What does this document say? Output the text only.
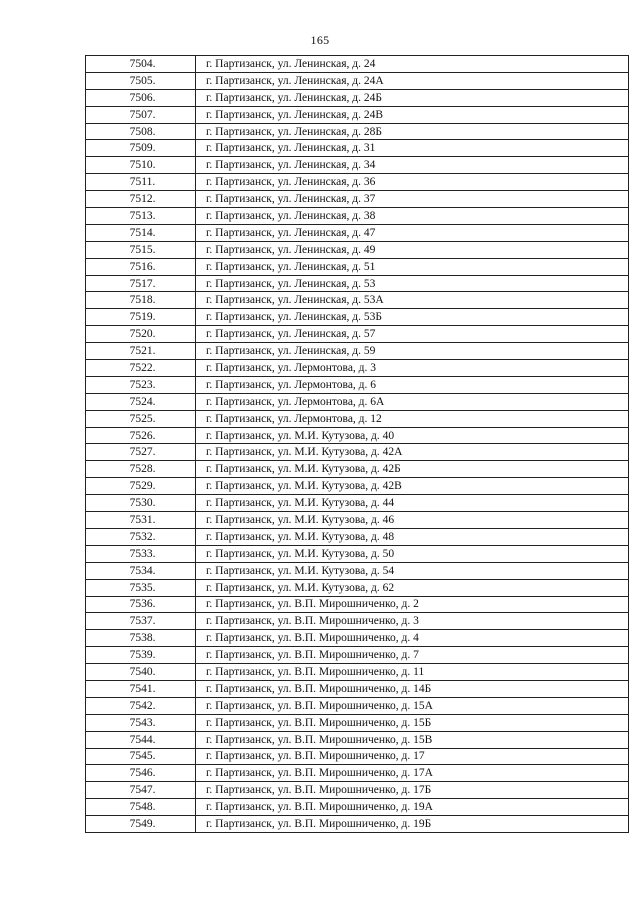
165
7504.	г. Партизанск, ул. Ленинская, д. 24
7505.	г. Партизанск, ул. Ленинская, д. 24А
7506.	г. Партизанск, ул. Ленинская, д. 24Б
7507.	г. Партизанск, ул. Ленинская, д. 24В
7508.	г. Партизанск, ул. Ленинская, д. 28Б
7509.	г. Партизанск, ул. Ленинская, д. 31
7510.	г. Партизанск, ул. Ленинская, д. 34
7511.	г. Партизанск, ул. Ленинская, д. 36
7512.	г. Партизанск, ул. Ленинская, д. 37
7513.	г. Партизанск, ул. Ленинская, д. 38
7514.	г. Партизанск, ул. Ленинская, д. 47
7515.	г. Партизанск, ул. Ленинская, д. 49
7516.	г. Партизанск, ул. Ленинская, д. 51
7517.	г. Партизанск, ул. Ленинская, д. 53
7518.	г. Партизанск, ул. Ленинская, д. 53А
7519.	г. Партизанск, ул. Ленинская, д. 53Б
7520.	г. Партизанск, ул. Ленинская, д. 57
7521.	г. Партизанск, ул. Ленинская, д. 59
7522.	г. Партизанск, ул. Лермонтова, д. 3
7523.	г. Партизанск, ул. Лермонтова, д. 6
7524.	г. Партизанск, ул. Лермонтова, д. 6А
7525.	г. Партизанск, ул. Лермонтова, д. 12
7526.	г. Партизанск, ул. М.И. Кутузова, д. 40
7527.	г. Партизанск, ул. М.И. Кутузова, д. 42А
7528.	г. Партизанск, ул. М.И. Кутузова, д. 42Б
7529.	г. Партизанск, ул. М.И. Кутузова, д. 42В
7530.	г. Партизанск, ул. М.И. Кутузова, д. 44
7531.	г. Партизанск, ул. М.И. Кутузова, д. 46
7532.	г. Партизанск, ул. М.И. Кутузова, д. 48
7533.	г. Партизанск, ул. М.И. Кутузова, д. 50
7534.	г. Партизанск, ул. М.И. Кутузова, д. 54
7535.	г. Партизанск, ул. М.И. Кутузова, д. 62
7536.	г. Партизанск, ул. В.П. Мирошниченко, д. 2
7537.	г. Партизанск, ул. В.П. Мирошниченко, д. 3
7538.	г. Партизанск, ул. В.П. Мирошниченко, д. 4
7539.	г. Партизанск, ул. В.П. Мирошниченко, д. 7
7540.	г. Партизанск, ул. В.П. Мирошниченко, д. 11
7541.	г. Партизанск, ул. В.П. Мирошниченко, д. 14Б
7542.	г. Партизанск, ул. В.П. Мирошниченко, д. 15А
7543.	г. Партизанск, ул. В.П. Мирошниченко, д. 15Б
7544.	г. Партизанск, ул. В.П. Мирошниченко, д. 15В
7545.	г. Партизанск, ул. В.П. Мирошниченко, д. 17
7546.	г. Партизанск, ул. В.П. Мирошниченко, д. 17А
7547.	г. Партизанск, ул. В.П. Мирошниченко, д. 17Б
7548.	г. Партизанск, ул. В.П. Мирошниченко, д. 19А
7549.	г. Партизанск, ул. В.П. Мирошниченко, д. 19Б
